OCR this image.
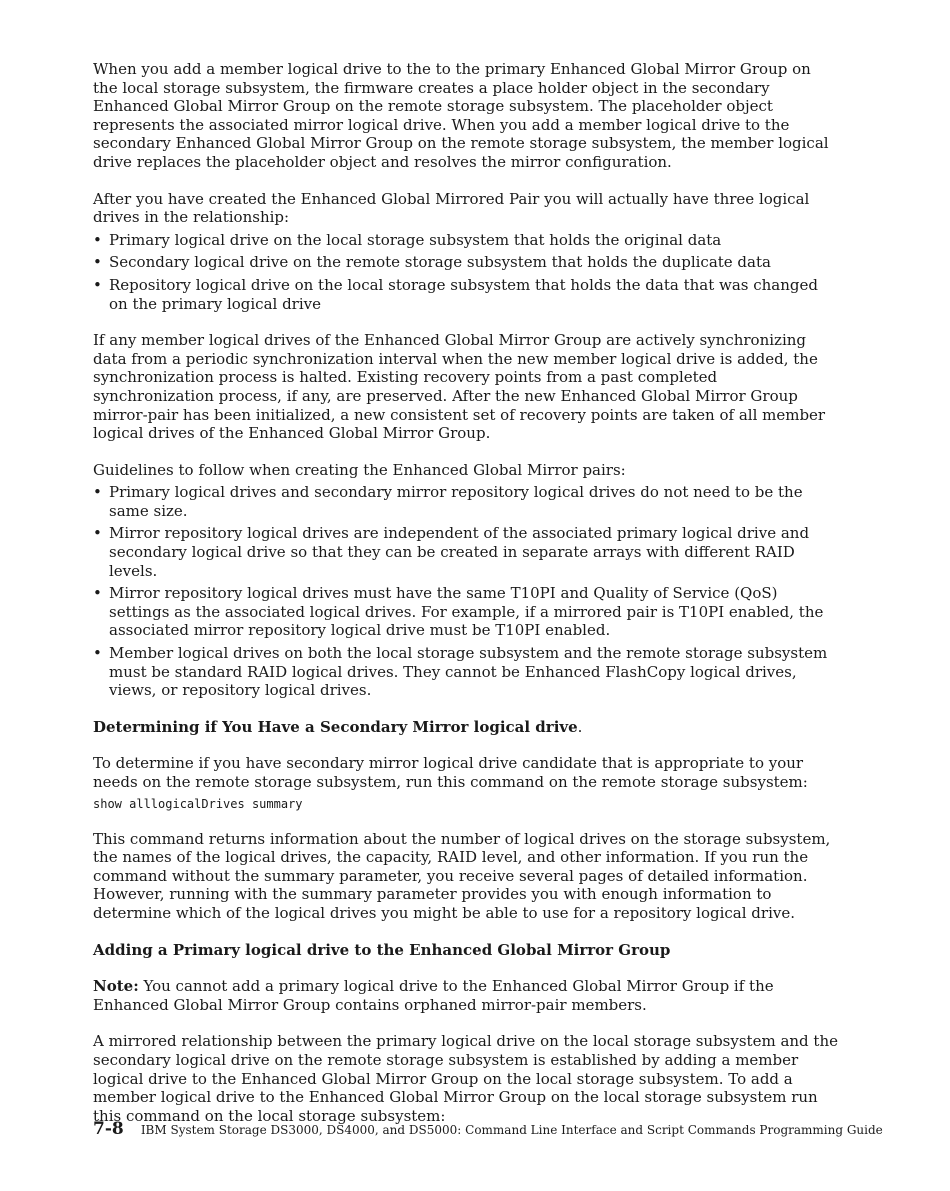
When you add a member logical drive to the to the primary Enhanced Global Mirror Group on the local storage subsystem, the firmware creates a place holder object in the secondary Enhanced Global Mirror Group on the remote storage subsystem. The placeholder object represents the associated mirror logical drive. When you add a member logical drive to the secondary Enhanced Global Mirror Group on the remote storage subsystem, the member logical drive replaces the placeholder object and resolves the mirror configuration.

After you have created the Enhanced Global Mirrored Pair you will actually have three logical drives in the relationship:

• Primary logical drive on the local storage subsystem that holds the original data
• Secondary logical drive on the remote storage subsystem that holds the duplicate data
• Repository logical drive on the local storage subsystem that holds the data that was changed on the primary logical drive

If any member logical drives of the Enhanced Global Mirror Group are actively synchronizing data from a periodic synchronization interval when the new member logical drive is added, the synchronization process is halted. Existing recovery points from a past completed synchronization process, if any, are preserved. After the new Enhanced Global Mirror Group mirror-pair has been initialized, a new consistent set of recovery points are taken of all member logical drives of the Enhanced Global Mirror Group.

Guidelines to follow when creating the Enhanced Global Mirror pairs:

• Primary logical drives and secondary mirror repository logical drives do not need to be the same size.
• Mirror repository logical drives are independent of the associated primary logical drive and secondary logical drive so that they can be created in separate arrays with different RAID levels.
• Mirror repository logical drives must have the same T10PI and Quality of Service (QoS) settings as the associated logical drives. For example, if a mirrored pair is T10PI enabled, the associated mirror repository logical drive must be T10PI enabled.
• Member logical drives on both the local storage subsystem and the remote storage subsystem must be standard RAID logical drives. They cannot be Enhanced FlashCopy logical drives, views, or repository logical drives.

Determining if You Have a Secondary Mirror logical drive.

To determine if you have secondary mirror logical drive candidate that is appropriate to your needs on the remote storage subsystem, run this command on the remote storage subsystem:

show alllogicalDrives summary

This command returns information about the number of logical drives on the storage subsystem, the names of the logical drives, the capacity, RAID level, and other information. If you run the command without the summary parameter, you receive several pages of detailed information. However, running with the summary parameter provides you with enough information to determine which of the logical drives you might be able to use for a repository logical drive.

Adding a Primary logical drive to the Enhanced Global Mirror Group

Note: You cannot add a primary logical drive to the Enhanced Global Mirror Group if the Enhanced Global Mirror Group contains orphaned mirror-pair members.

A mirrored relationship between the primary logical drive on the local storage subsystem and the secondary logical drive on the remote storage subsystem is established by adding a member logical drive to the Enhanced Global Mirror Group on the local storage subsystem. To add a member logical drive to the Enhanced Global Mirror Group on the local storage subsystem run this command on the local storage subsystem:

7-8 IBM System Storage DS3000, DS4000, and DS5000: Command Line Interface and Script Commands Programming Guide
